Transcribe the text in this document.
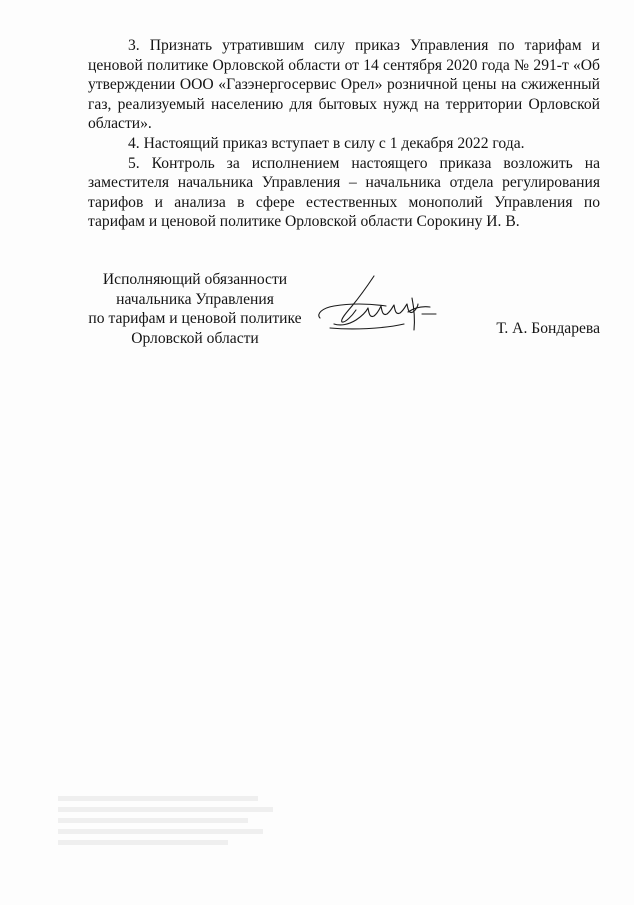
3. Признать утратившим силу приказ Управления по тарифам и ценовой политике Орловской области от 14 сентября 2020 года № 291-т «Об утверждении ООО «Газэнергосервис Орел» розничной цены на сжиженный газ, реализуемый населению для бытовых нужд на территории Орловской области».

4. Настоящий приказ вступает в силу с 1 декабря 2022 года.

5. Контроль за исполнением настоящего приказа возложить на заместителя начальника Управления – начальника отдела регулирования тарифов и анализа в сфере естественных монополий Управления по тарифам и ценовой политике Орловской области Сорокину И. В.

Исполняющий обязанности
начальника Управления
по тарифам и ценовой политике
Орловской области
Т. А. Бондарева
